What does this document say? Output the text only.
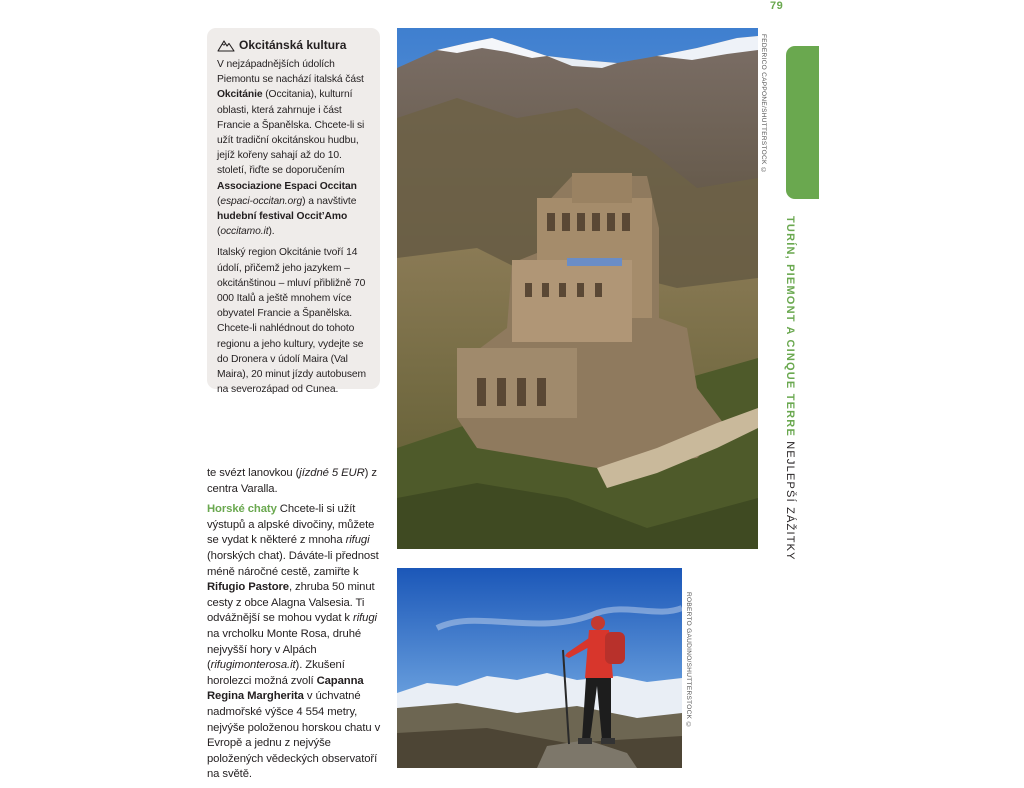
79
Okcitánská kultura

V nejzápadnějších údolích Piemontu se nachází italská část Okcitánie (Occitania), kulturní oblasti, která zahrnuje i část Francie a Španělska. Chcete-li si užít tradiční okcitánskou hudbu, jejíž kořeny sahají až do 10. století, řiďte se doporučením Associazione Espaci Occitan (espaci-occitan.org) a navštivte hudební festival Occit’Amo (occitamo.it).

Italský region Okcitánie tvoří 14 údolí, přičemž jeho jazykem – okcitánštinou – mluví přibližně 70 000 Italů a ještě mnohem více obyvatel Francie a Španělska. Chcete-li nahlédnout do tohoto regionu a jeho kultury, vydejte se do Dronera v údolí Maira (Val Maira), 20 minut jízdy autobusem na severozápad od Cunea.

te svézt lanovkou (jízdné 5 EUR) z centra Varalla.

Horské chaty Chcete-li si užít výstupů a alpské divočiny, můžete se vydat k některé z mnoha rifugi (horských chat). Dáváte-li přednost méně náročné cestě, zamiřte k Rifugio Pastore, zhruba 50 minut cesty z obce Alagna Valsesia. Ti odvážnější se mohou vydat k rifugi na vrcholku Monte Rosa, druhé nejvyšší hory v Alpách (rifugimonterosa.it). Zkušení horolezci možná zvolí Capanna Regina Margherita v úchvatné nadmořské výšce 4 554 metry, nejvýše položenou horskou chatu v Evropě a jednu z nejvýše položených vědeckých observatoří na světě.

FEDERICO CAPPONE/SHUTTERSTOCK ©
ROBERTO GAUDINO/SHUTTERSTOCK ©
TURÍN, PIEMONT A CINQUE TERRE NEJLEPŠÍ ZÁŽITKY
